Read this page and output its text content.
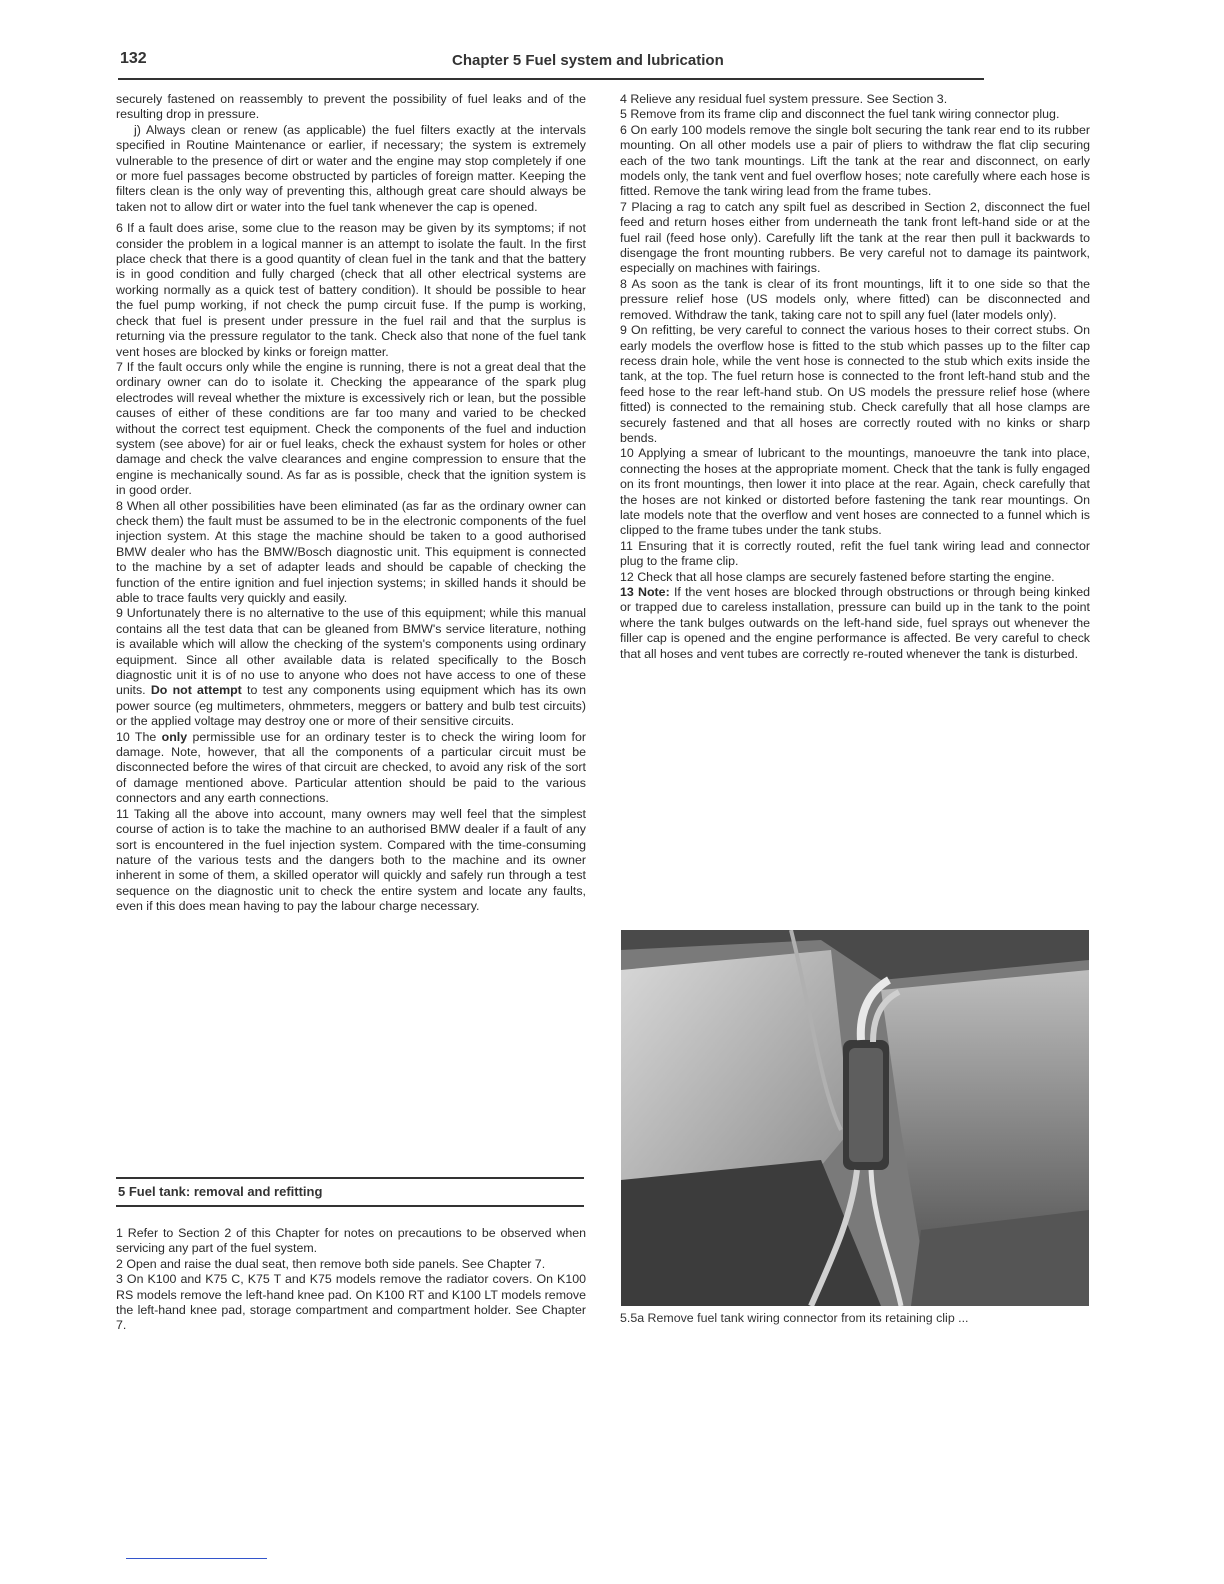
132	Chapter 5 Fuel system and lubrication

securely fastened on reassembly to prevent the possibility of fuel leaks and of the resulting drop in pressure.

j) Always clean or renew (as applicable) the fuel filters exactly at the intervals specified in Routine Maintenance or earlier, if necessary; the system is extremely vulnerable to the presence of dirt or water and the engine may stop completely if one or more fuel passages become obstructed by particles of foreign matter. Keeping the filters clean is the only way of preventing this, although great care should always be taken not to allow dirt or water into the fuel tank whenever the cap is opened.

6 If a fault does arise, some clue to the reason may be given by its symptoms; if not consider the problem in a logical manner is an attempt to isolate the fault. In the first place check that there is a good quantity of clean fuel in the tank and that the battery is in good condition and fully charged (check that all other electrical systems are working normally as a quick test of battery condition). It should be possible to hear the fuel pump working, if not check the pump circuit fuse. If the pump is working, check that fuel is present under pressure in the fuel rail and that the surplus is returning via the pressure regulator to the tank. Check also that none of the fuel tank vent hoses are blocked by kinks or foreign matter.

7 If the fault occurs only while the engine is running, there is not a great deal that the ordinary owner can do to isolate it. Checking the appearance of the spark plug electrodes will reveal whether the mixture is excessively rich or lean, but the possible causes of either of these conditions are far too many and varied to be checked without the correct test equipment. Check the components of the fuel and induction system (see above) for air or fuel leaks, check the exhaust system for holes or other damage and check the valve clearances and engine compression to ensure that the engine is mechanically sound. As far as is possible, check that the ignition system is in good order.

8 When all other possibilities have been eliminated (as far as the ordinary owner can check them) the fault must be assumed to be in the electronic components of the fuel injection system. At this stage the machine should be taken to a good authorised BMW dealer who has the BMW/Bosch diagnostic unit. This equipment is connected to the machine by a set of adapter leads and should be capable of checking the function of the entire ignition and fuel injection systems; in skilled hands it should be able to trace faults very quickly and easily.

9 Unfortunately there is no alternative to the use of this equipment; while this manual contains all the test data that can be gleaned from BMW's service literature, nothing is available which will allow the checking of the system's components using ordinary equipment. Since all other available data is related specifically to the Bosch diagnostic unit it is of no use to anyone who does not have access to one of these units. Do not attempt to test any components using equipment which has its own power source (eg multimeters, ohmmeters, meggers or battery and bulb test circuits) or the applied voltage may destroy one or more of their sensitive circuits.

10 The only permissible use for an ordinary tester is to check the wiring loom for damage. Note, however, that all the components of a particular circuit must be disconnected before the wires of that circuit are checked, to avoid any risk of the sort of damage mentioned above. Particular attention should be paid to the various connectors and any earth connections.

11 Taking all the above into account, many owners may well feel that the simplest course of action is to take the machine to an authorised BMW dealer if a fault of any sort is encountered in the fuel injection system. Compared with the time-consuming nature of the various tests and the dangers both to the machine and its owner inherent in some of them, a skilled operator will quickly and safely run through a test sequence on the diagnostic unit to check the entire system and locate any faults, even if this does mean having to pay the labour charge necessary.

5 Fuel tank: removal and refitting

1 Refer to Section 2 of this Chapter for notes on precautions to be observed when servicing any part of the fuel system.

2 Open and raise the dual seat, then remove both side panels. See Chapter 7.

3 On K100 and K75 C, K75 T and K75 models remove the radiator covers. On K100 RS models remove the left-hand knee pad. On K100 RT and K100 LT models remove the left-hand knee pad, storage compartment and compartment holder. See Chapter 7.

4 Relieve any residual fuel system pressure. See Section 3.

5 Remove from its frame clip and disconnect the fuel tank wiring connector plug.

6 On early 100 models remove the single bolt securing the tank rear end to its rubber mounting. On all other models use a pair of pliers to withdraw the flat clip securing each of the two tank mountings. Lift the tank at the rear and disconnect, on early models only, the tank vent and fuel overflow hoses; note carefully where each hose is fitted. Remove the tank wiring lead from the frame tubes.

7 Placing a rag to catch any spilt fuel as described in Section 2, disconnect the fuel feed and return hoses either from underneath the tank front left-hand side or at the fuel rail (feed hose only). Carefully lift the tank at the rear then pull it backwards to disengage the front mounting rubbers. Be very careful not to damage its paintwork, especially on machines with fairings.

8 As soon as the tank is clear of its front mountings, lift it to one side so that the pressure relief hose (US models only, where fitted) can be disconnected and removed. Withdraw the tank, taking care not to spill any fuel (later models only).

9 On refitting, be very careful to connect the various hoses to their correct stubs. On early models the overflow hose is fitted to the stub which passes up to the filter cap recess drain hole, while the vent hose is connected to the stub which exits inside the tank, at the top. The fuel return hose is connected to the front left-hand stub and the feed hose to the rear left-hand stub. On US models the pressure relief hose (where fitted) is connected to the remaining stub. Check carefully that all hose clamps are securely fastened and that all hoses are correctly routed with no kinks or sharp bends.

10 Applying a smear of lubricant to the mountings, manoeuvre the tank into place, connecting the hoses at the appropriate moment. Check that the tank is fully engaged on its front mountings, then lower it into place at the rear. Again, check carefully that the hoses are not kinked or distorted before fastening the tank rear mountings. On late models note that the overflow and vent hoses are connected to a funnel which is clipped to the frame tubes under the tank stubs.

11 Ensuring that it is correctly routed, refit the fuel tank wiring lead and connector plug to the frame clip.

12 Check that all hose clamps are securely fastened before starting the engine.

13 Note: If the vent hoses are blocked through obstructions or through being kinked or trapped due to careless installation, pressure can build up in the tank to the point where the tank bulges outwards on the left-hand side, fuel sprays out whenever the filler cap is opened and the engine performance is affected. Be very careful to check that all hoses and vent tubes are correctly re-routed whenever the tank is disturbed.

5.5a Remove fuel tank wiring connector from its retaining clip ...
